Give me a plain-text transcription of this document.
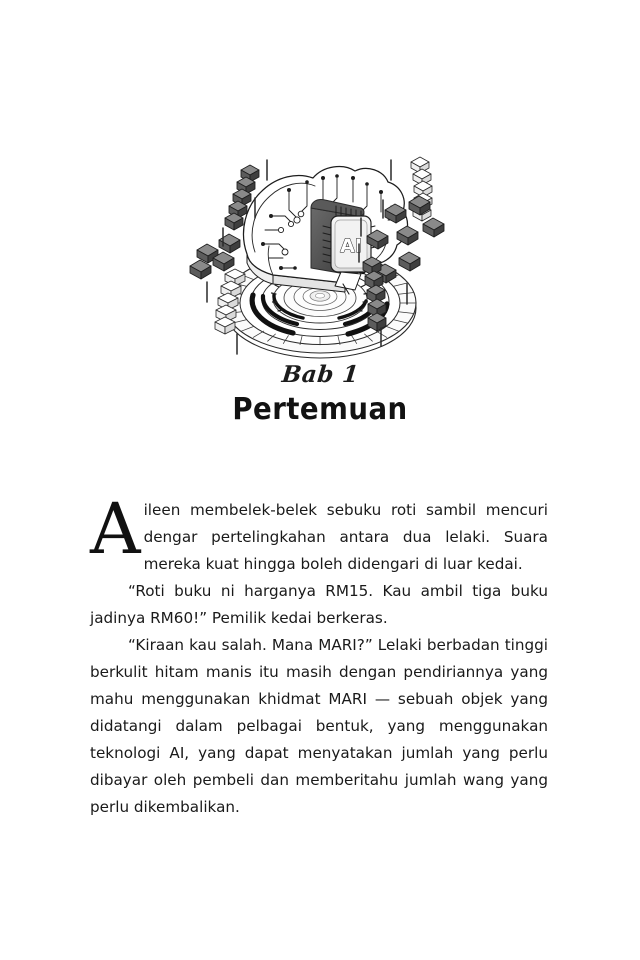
AI
Bab 1
Pertemuan

Aileen membelek-belek sebuku roti sambil mencuri dengar pertelingkahan antara dua lelaki. Suara mereka kuat hingga boleh didengari di luar kedai.

“Roti buku ni harganya RM15. Kau ambil tiga buku jadinya RM60!” Pemilik kedai berkeras.

“Kiraan kau salah. Mana MARI?” Lelaki berbadan tinggi berkulit hitam manis itu masih dengan pendiriannya yang mahu menggunakan khidmat MARI — sebuah objek yang didatangi dalam pelbagai bentuk, yang menggunakan teknologi AI, yang dapat menyatakan jumlah yang perlu dibayar oleh pembeli dan memberitahu jumlah wang yang perlu dikembalikan.
